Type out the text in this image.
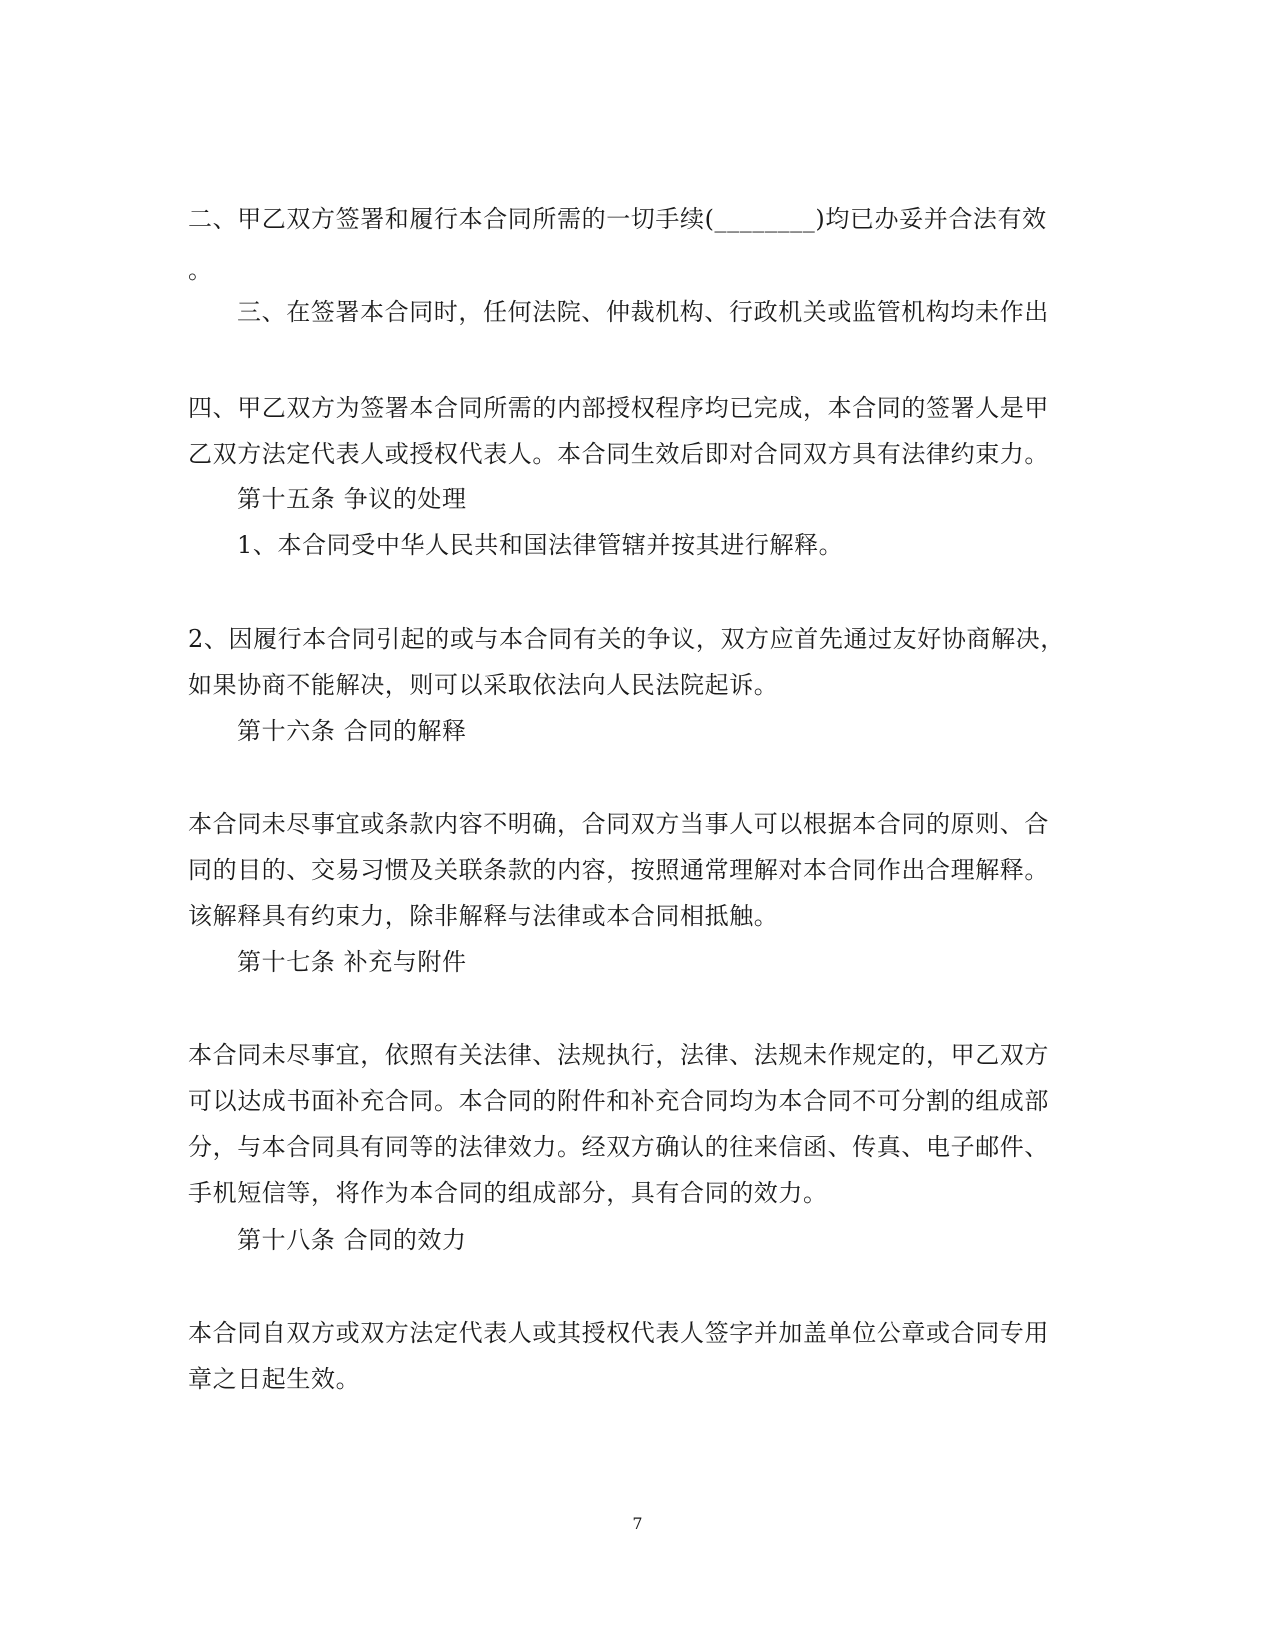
二、甲乙双方签署和履行本合同所需的一切手续(________)均已办妥并合法有效
。
三、在签署本合同时，任何法院、仲裁机构、行政机关或监管机构均未作出
四、甲乙双方为签署本合同所需的内部授权程序均已完成，本合同的签署人是甲
乙双方法定代表人或授权代表人。本合同生效后即对合同双方具有法律约束力。
第十五条 争议的处理
1、本合同受中华人民共和国法律管辖并按其进行解释。
2、因履行本合同引起的或与本合同有关的争议，双方应首先通过友好协商解决，
如果协商不能解决，则可以采取依法向人民法院起诉。
第十六条 合同的解释
本合同未尽事宜或条款内容不明确，合同双方当事人可以根据本合同的原则、合
同的目的、交易习惯及关联条款的内容，按照通常理解对本合同作出合理解释。
该解释具有约束力，除非解释与法律或本合同相抵触。
第十七条 补充与附件
本合同未尽事宜，依照有关法律、法规执行，法律、法规未作规定的，甲乙双方
可以达成书面补充合同。本合同的附件和补充合同均为本合同不可分割的组成部
分，与本合同具有同等的法律效力。经双方确认的往来信函、传真、电子邮件、
手机短信等，将作为本合同的组成部分，具有合同的效力。
第十八条 合同的效力
本合同自双方或双方法定代表人或其授权代表人签字并加盖单位公章或合同专用
章之日起生效。
7
